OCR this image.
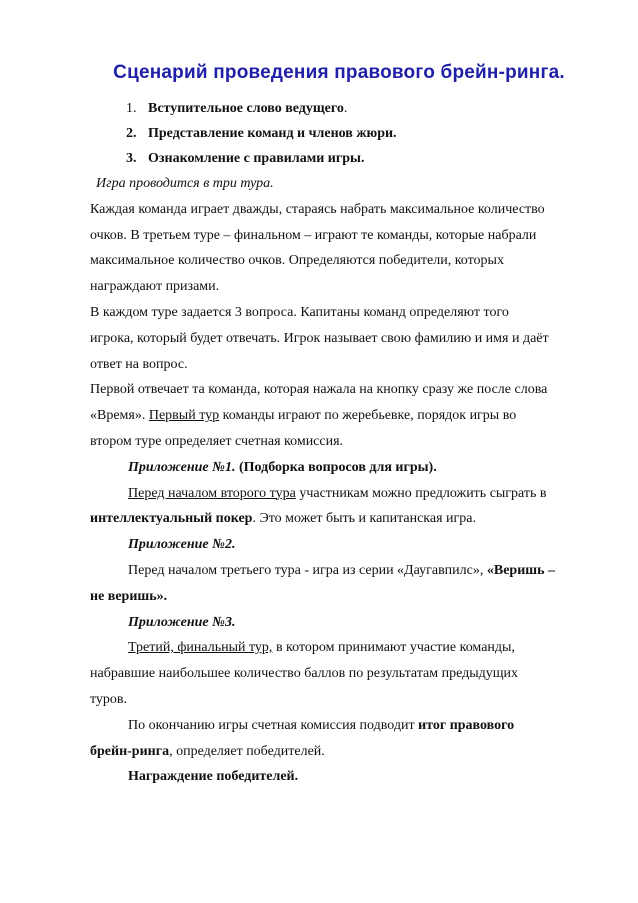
Сценарий проведения правового брейн-ринга.
1. Вступительное слово ведущего.
2. Представление команд и членов жюри.
3. Ознакомление с правилами игры.
Игра проводится в три тура.
Каждая команда играет дважды, стараясь набрать максимальное количество
очков. В третьем туре – финальном – играют те команды, которые набрали
максимальное количество очков. Определяются победители, которых
награждают призами.
В каждом туре задается 3 вопроса. Капитаны команд определяют того
игрока, который будет отвечать. Игрок называет свою фамилию и имя и даёт
ответ на вопрос.
Первой отвечает та команда, которая нажала на кнопку сразу же после слова
«Время». Первый тур команды играют по жеребьевке, порядок игры во
втором туре определяет счетная комиссия.
Приложение №1. (Подборка вопросов для игры).
Перед началом второго тура участникам можно предложить сыграть в
интеллектуальный покер. Это может быть и капитанская игра.
Приложение №2.
Перед началом третьего тура - игра из серии «Даугавпилс», «Веришь –
не веришь».
Приложение №3.
Третий, финальный тур, в котором принимают участие команды,
набравшие наибольшее количество баллов по результатам предыдущих
туров.
По окончанию игры счетная комиссия подводит итог правового
брейн-ринга, определяет победителей.
Награждение победителей.
